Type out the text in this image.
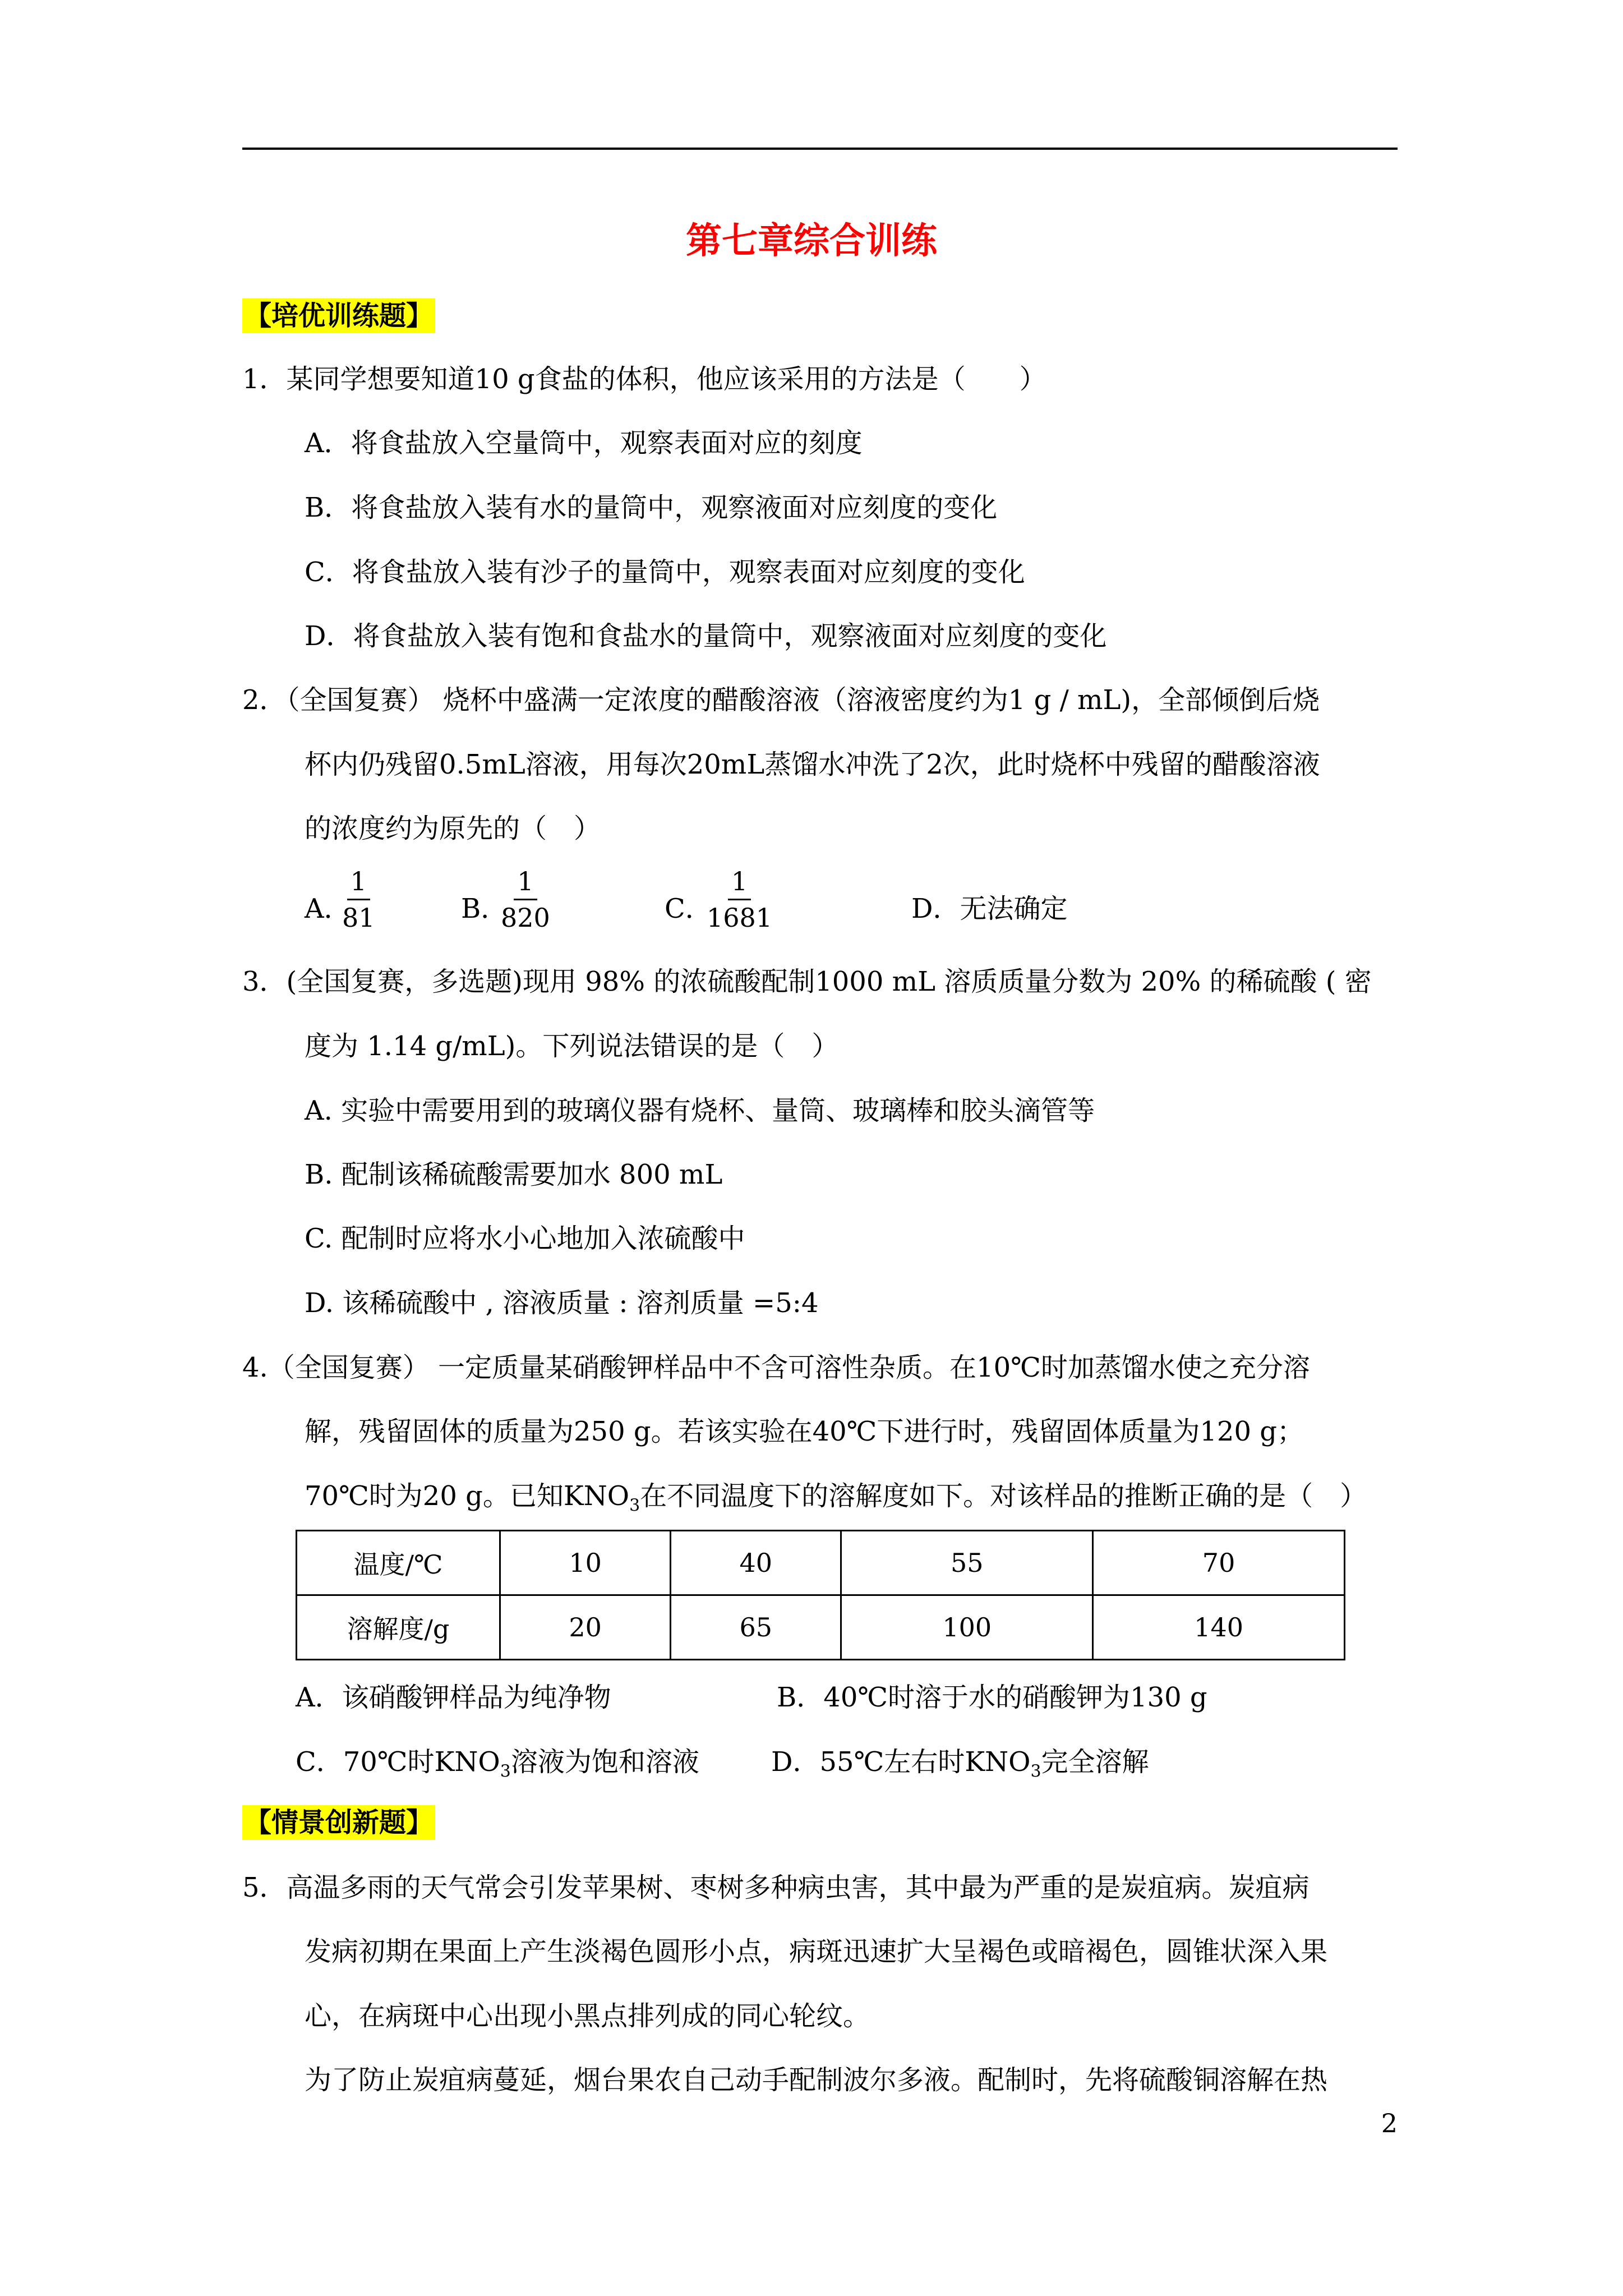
第七章综合训练
【培优训练题】
1．某同学想要知道10 g食盐的体积，他应该采用的方法是（　　）
A．将食盐放入空量筒中，观察表面对应的刻度
B．将食盐放入装有水的量筒中，观察液面对应刻度的变化
C．将食盐放入装有沙子的量筒中，观察表面对应刻度的变化
D．将食盐放入装有饱和食盐水的量筒中，观察液面对应刻度的变化
2．（全国复赛） 烧杯中盛满一定浓度的醋酸溶液（溶液密度约为1 g / mL)，全部倾倒后烧
杯内仍残留0.5mL溶液，用每次20mL蒸馏水冲洗了2次，此时烧杯中残留的醋酸溶液
的浓度约为原先的（　）
A．
$\frac{1}{81}$	B．
$\frac{1}{820}$	C．
$\frac{1}{1681}$	D．无法确定
3．(全国复赛，多选题)现用 98% 的浓硫酸配制1000 mL 溶质质量分数为 20% 的稀硫酸 ( 密
度为 1.14 g/mL)。下列说法错误的是（　）
A. 实验中需要用到的玻璃仪器有烧杯、量筒、玻璃棒和胶头滴管等
B. 配制该稀硫酸需要加水 800 mL
C. 配制时应将水小心地加入浓硫酸中
D. 该稀硫酸中 , 溶液质量 : 溶剂质量 =5:4
4.（全国复赛） 一定质量某硝酸钾样品中不含可溶性杂质。在10℃时加蒸馏水使之充分溶
解，残留固体的质量为250 g。若该实验在40℃下进行时，残留固体质量为120 g；
70℃时为20 g。已知$KNO_3$在不同温度下的溶解度如下。对该样品的推断正确的是（　）
温度/℃	10	40	55	70
溶解度/g	20	65	100	140
A．该硝酸钾样品为纯净物	B．40℃时溶于水的硝酸钾为130 g
C．70℃时$KNO_3$溶液为饱和溶液	D．55℃左右时$KNO_3$完全溶解
【情景创新题】
5．高温多雨的天气常会引发苹果树、枣树多种病虫害，其中最为严重的是炭疽病。炭疽病
发病初期在果面上产生淡褐色圆形小点，病斑迅速扩大呈褐色或暗褐色，圆锥状深入果
心，在病斑中心出现小黑点排列成的同心轮纹。
为了防止炭疽病蔓延，烟台果农自己动手配制波尔多液。配制时，先将硫酸铜溶解在热
2
